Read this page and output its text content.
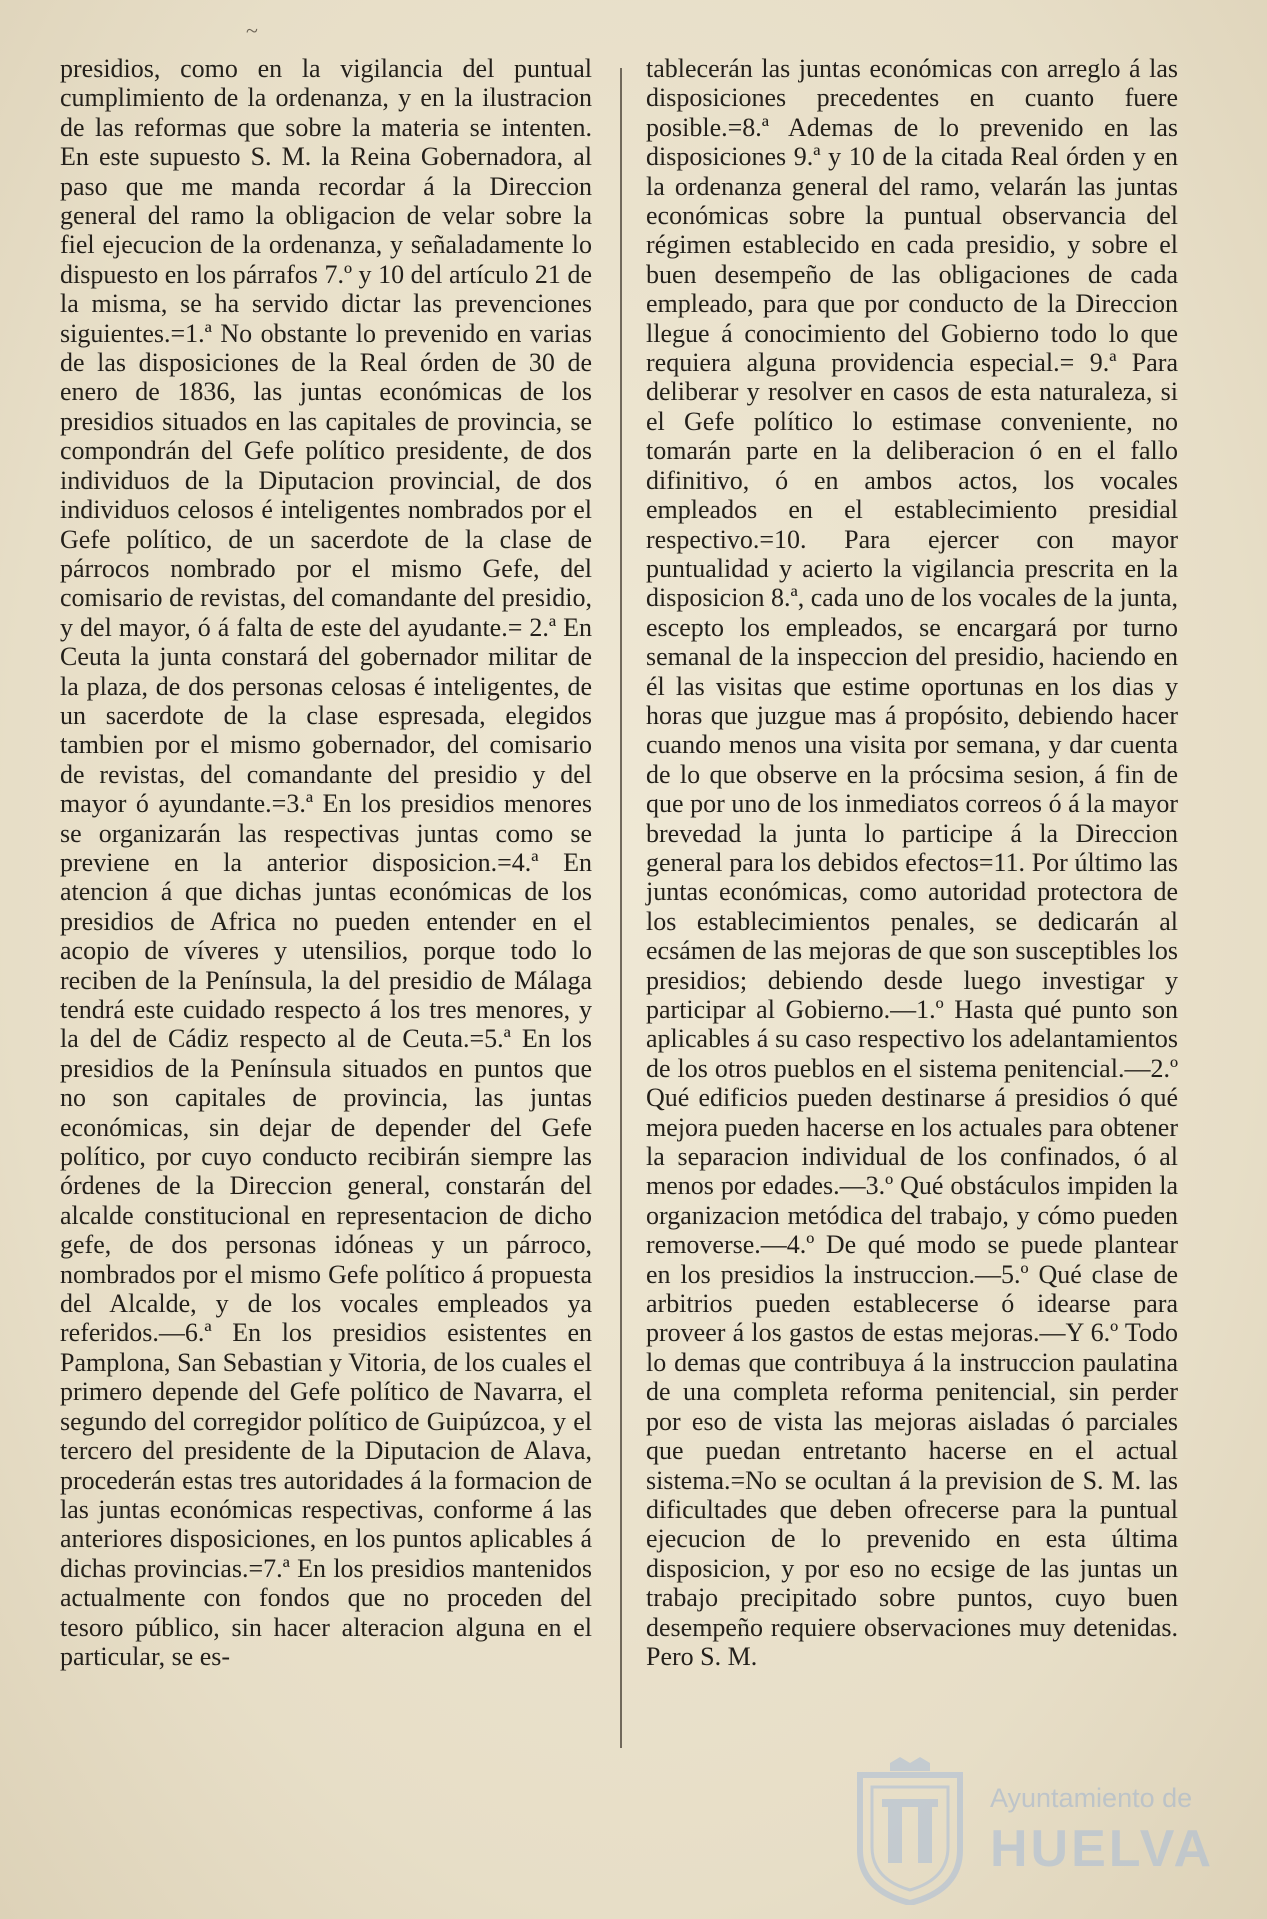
~

presidios, como en la vigilancia del puntual cumplimiento de la ordenanza, y en la ilustracion de las reformas que sobre la materia se intenten. En este supuesto S. M. la Reina Gobernadora, al paso que me manda recordar á la Direccion general del ramo la obligacion de velar sobre la fiel ejecucion de la ordenanza, y señaladamente lo dispuesto en los párrafos 7.º y 10 del artículo 21 de la misma, se ha servido dictar las prevenciones siguientes.=1.ª No obstante lo prevenido en varias de las disposiciones de la Real órden de 30 de enero de 1836, las juntas económicas de los presidios situados en las capitales de provincia, se compondrán del Gefe político presidente, de dos individuos de la Diputacion provincial, de dos individuos celosos é inteligentes nombrados por el Gefe político, de un sacerdote de la clase de párrocos nombrado por el mismo Gefe, del comisario de revistas, del comandante del presidio, y del mayor, ó á falta de este del ayudante.= 2.ª En Ceuta la junta constará del gobernador militar de la plaza, de dos personas celosas é inteligentes, de un sacerdote de la clase espresada, elegidos tambien por el mismo gobernador, del comisario de revistas, del comandante del presidio y del mayor ó ayundante.=3.ª En los presidios menores se organizarán las respectivas juntas como se previene en la anterior disposicion.=4.ª En atencion á que dichas juntas económicas de los presidios de Africa no pueden entender en el acopio de víveres y utensilios, porque todo lo reciben de la Península, la del presidio de Málaga tendrá este cuidado respecto á los tres menores, y la del de Cádiz respecto al de Ceuta.=5.ª En los presidios de la Península situados en puntos que no son capitales de provincia, las juntas económicas, sin dejar de depender del Gefe político, por cuyo conducto recibirán siempre las órdenes de la Direccion general, constarán del alcalde constitucional en representacion de dicho gefe, de dos personas idóneas y un párroco, nombrados por el mismo Gefe político á propuesta del Alcalde, y de los vocales empleados ya referidos.—6.ª En los presidios esistentes en Pamplona, San Sebastian y Vitoria, de los cuales el primero depende del Gefe político de Navarra, el segundo del corregidor político de Guipúzcoa, y el tercero del presidente de la Diputacion de Alava, procederán estas tres autoridades á la formacion de las juntas económicas respectivas, conforme á las anteriores disposiciones, en los puntos aplicables á dichas provincias.=7.ª En los presidios mantenidos actualmente con fondos que no proceden del tesoro público, sin hacer alteracion alguna en el particular, se es-

tablecerán las juntas económicas con arreglo á las disposiciones precedentes en cuanto fuere posible.=8.ª Ademas de lo prevenido en las disposiciones 9.ª y 10 de la citada Real órden y en la ordenanza general del ramo, velarán las juntas económicas sobre la puntual observancia del régimen establecido en cada presidio, y sobre el buen desempeño de las obligaciones de cada empleado, para que por conducto de la Direccion llegue á conocimiento del Gobierno todo lo que requiera alguna providencia especial.= 9.ª Para deliberar y resolver en casos de esta naturaleza, si el Gefe político lo estimase conveniente, no tomarán parte en la deliberacion ó en el fallo difinitivo, ó en ambos actos, los vocales empleados en el establecimiento presidial respectivo.=10. Para ejercer con mayor puntualidad y acierto la vigilancia prescrita en la disposicion 8.ª, cada uno de los vocales de la junta, escepto los empleados, se encargará por turno semanal de la inspeccion del presidio, haciendo en él las visitas que estime oportunas en los dias y horas que juzgue mas á propósito, debiendo hacer cuando menos una visita por semana, y dar cuenta de lo que observe en la prócsima sesion, á fin de que por uno de los inmediatos correos ó á la mayor brevedad la junta lo participe á la Direccion general para los debidos efectos=11. Por último las juntas económicas, como autoridad protectora de los establecimientos penales, se dedicarán al ecsámen de las mejoras de que son susceptibles los presidios; debiendo desde luego investigar y participar al Gobierno.—1.º Hasta qué punto son aplicables á su caso respectivo los adelantamientos de los otros pueblos en el sistema penitencial.—2.º Qué edificios pueden destinarse á presidios ó qué mejora pueden hacerse en los actuales para obtener la separacion individual de los confinados, ó al menos por edades.—3.º Qué obstáculos impiden la organizacion metódica del trabajo, y cómo pueden removerse.—4.º De qué modo se puede plantear en los presidios la instruccion.—5.º Qué clase de arbitrios pueden establecerse ó idearse para proveer á los gastos de estas mejoras.—Y 6.º Todo lo demas que contribuya á la instruccion paulatina de una completa reforma penitencial, sin perder por eso de vista las mejoras aisladas ó parciales que puedan entretanto hacerse en el actual sistema.=No se ocultan á la prevision de S. M. las dificultades que deben ofrecerse para la puntual ejecucion de lo prevenido en esta última disposicion, y por eso no ecsige de las juntas un trabajo precipitado sobre puntos, cuyo buen desempeño requiere observaciones muy detenidas. Pero S. M.

Ayuntamiento de
HUELVA
